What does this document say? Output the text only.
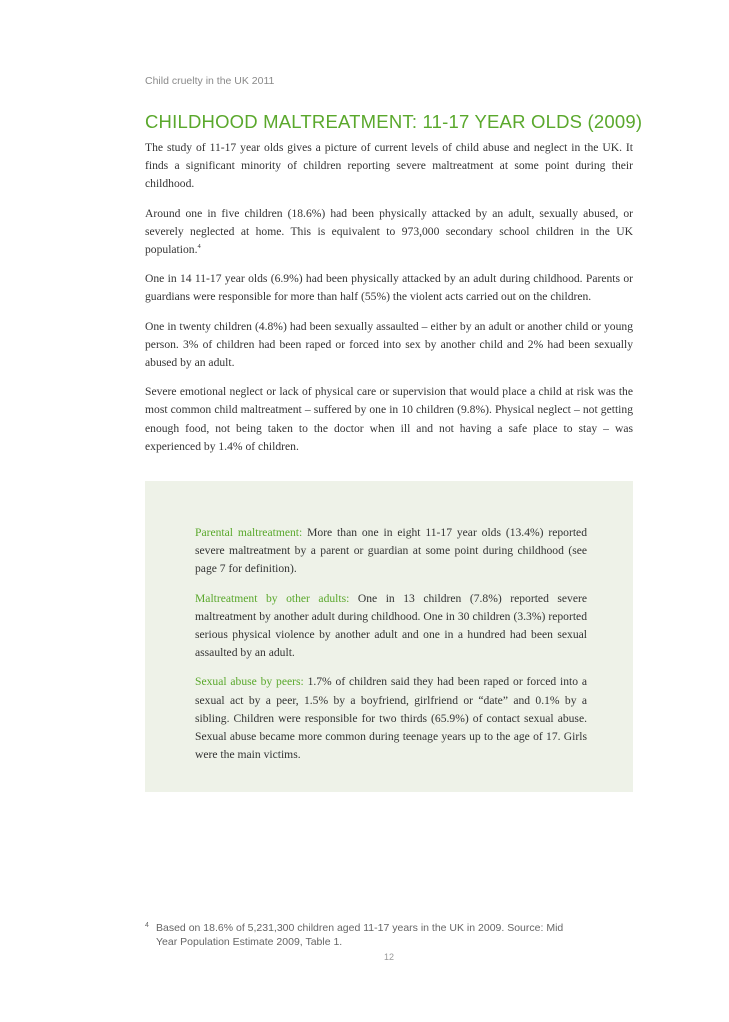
Child cruelty in the UK 2011
CHILDHOOD MALTREATMENT: 11-17 YEAR OLDS (2009)

The study of 11-17 year olds gives a picture of current levels of child abuse and neglect in the UK. It finds a significant minority of children reporting severe maltreatment at some point during their childhood.

Around one in five children (18.6%) had been physically attacked by an adult, sexually abused, or severely neglected at home. This is equivalent to 973,000 secondary school children in the UK population.$^4$

One in 14 11-17 year olds (6.9%) had been physically attacked by an adult during childhood. Parents or guardians were responsible for more than half (55%) the violent acts carried out on the children.

One in twenty children (4.8%) had been sexually assaulted – either by an adult or another child or young person. 3% of children had been raped or forced into sex by another child and 2% had been sexually abused by an adult.

Severe emotional neglect or lack of physical care or supervision that would place a child at risk was the most common child maltreatment – suffered by one in 10 children (9.8%). Physical neglect – not getting enough food, not being taken to the doctor when ill and not having a safe place to stay – was experienced by 1.4% of children.

Parental maltreatment: More than one in eight 11-17 year olds (13.4%) reported severe maltreatment by a parent or guardian at some point during childhood (see page 7 for definition).

Maltreatment by other adults: One in 13 children (7.8%) reported severe maltreatment by another adult during childhood. One in 30 children (3.3%) reported serious physical violence by another adult and one in a hundred had been sexual assaulted by an adult.

Sexual abuse by peers: 1.7% of children said they had been raped or forced into a sexual act by a peer, 1.5% by a boyfriend, girlfriend or “date” and 0.1% by a sibling. Children were responsible for two thirds (65.9%) of contact sexual abuse. Sexual abuse became more common during teenage years up to the age of 17. Girls were the main victims.

4 Based on 18.6% of 5,231,300 children aged 11-17 years in the UK in 2009. Source: Mid Year Population Estimate 2009, Table 1.
12
